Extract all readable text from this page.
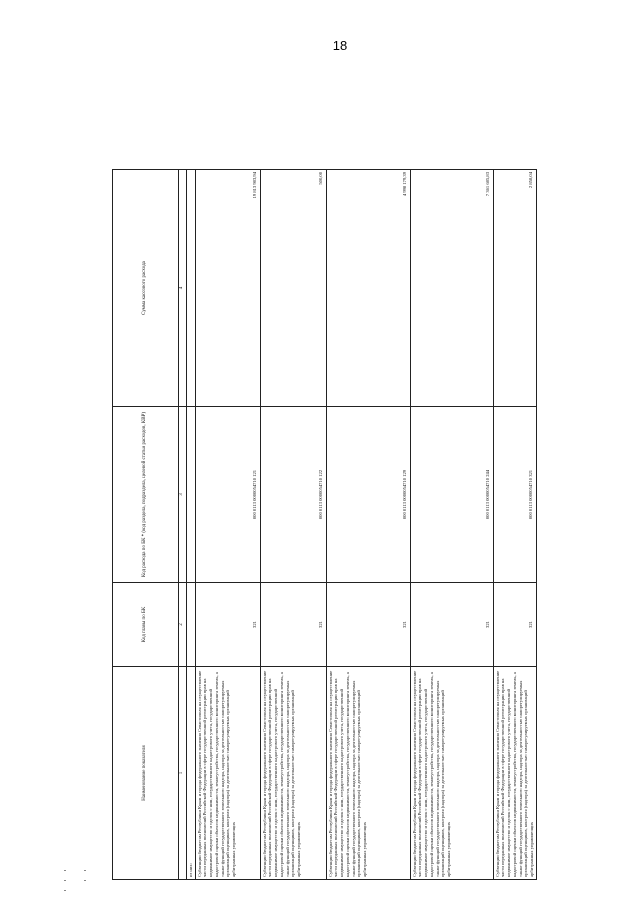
18
Наименование показателя	Код главы по БК	Код расхода по БК * (код раздела, подраздела, целевой статьи расходов, КВР)	Сумма кассового расхода
1	2	3	4
из них:			
Субвенции бюджетам Республики Крым и города федерального значения Севастополя на осуществление части переданных полномочий Российской Федерации в сфере государственной регистрации прав на недвижимое имущество и сделок с ним, государственного кадастрового учета, государственной кадастровой оценки объектов недвижимости, землеустройства, государственного мониторинга земель, а также функций государственного земельного надзора, надзора за деятельностью саморегулируемых организаций оценщиков, контроля (надзора) за деятельностью саморегулируемых организаций арбитражных управляющих	321	000 0113 0000054710 121	19 813 983,94
Субвенции бюджетам Республики Крым и города федерального значения Севастополя на осуществление части переданных полномочий Российской Федерации в сфере государственной регистрации прав на недвижимое имущество и сделок с ним, государственного кадастрового учета, государственной кадастровой оценки объектов недвижимости, землеустройства, государственного мониторинга земель, а также функций государственного земельного надзора, надзора за деятельностью саморегулируемых организаций оценщиков, контроля (надзора) за деятельностью саморегулируемых организаций арбитражных управляющих	321	000 0113 0000054710 122	500,00
Субвенции бюджетам Республики Крым и города федерального значения Севастополя на осуществление части переданных полномочий Российской Федерации в сфере государственной регистрации прав на недвижимое имущество и сделок с ним, государственного кадастрового учета, государственной кадастровой оценки объектов недвижимости, землеустройства, государственного мониторинга земель, а также функций государственного земельного надзора, надзора за деятельностью саморегулируемых организаций оценщиков, контроля (надзора) за деятельностью саморегулируемых организаций арбитражных управляющих	321	000 0113 0000054710 129	4 998 179,39
Субвенции бюджетам Республики Крым и города федерального значения Севастополя на осуществление части переданных полномочий Российской Федерации в сфере государственной регистрации прав на недвижимое имущество и сделок с ним, государственного кадастрового учета, государственной кадастровой оценки объектов недвижимости, землеустройства, государственного мониторинга земель, а также функций государственного земельного надзора, надзора за деятельностью саморегулируемых организаций оценщиков, контроля (надзора) за деятельностью саморегулируемых организаций арбитражных управляющих	321	000 0113 0000054710 244	7 361 685,83
Субвенции бюджетам Республики Крым и города федерального значения Севастополя на осуществление части переданных полномочий Российской Федерации в сфере государственной регистрации прав на недвижимое имущество и сделок с ним, государственного кадастрового учета, государственной кадастровой оценки объектов недвижимости, землеустройства, государственного мониторинга земель, а также функций государственного земельного надзора, надзора за деятельностью саморегулируемых организаций оценщиков, контроля (надзора) за деятельностью саморегулируемых организаций арбитражных управляющих	321	000 0113 0000054710 321	2 858,04
